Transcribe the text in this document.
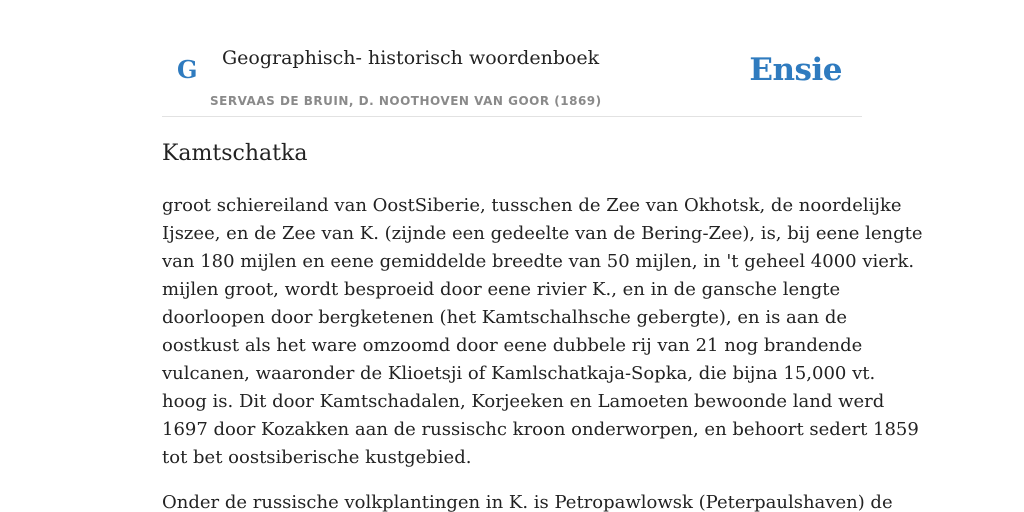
G Geographisch- historisch woordenboek
SERVAAS DE BRUIN, D. NOOTHOVEN VAN GOOR (1869)
Ensie
Kamtschatka

groot schiereiland van OostSiberie, tusschen de Zee van Okhotsk, de noordelijke
Ijszee, en de Zee van K. (zijnde een gedeelte van de Bering-Zee), is, bij eene lengte
van 180 mijlen en eene gemiddelde breedte van 50 mijlen, in 't geheel 4000 vierk.
mijlen groot, wordt besproeid door eene rivier K., en in de gansche lengte
doorloopen door bergketenen (het Kamtschalhsche gebergte), en is aan de
oostkust als het ware omzoomd door eene dubbele rij van 21 nog brandende
vulcanen, waaronder de Klioetsji of Kamlschatkaja-Sopka, die bijna 15,000 vt.
hoog is. Dit door Kamtschadalen, Korjeeken en Lamoeten bewoonde land werd
1697 door Kozakken aan de russischc kroon onderworpen, en behoort sedert 1859
tot bet oostsiberische kustgebied.

Onder de russische volkplantingen in K. is Petropawlowsk (Peterpaulshaven) de
